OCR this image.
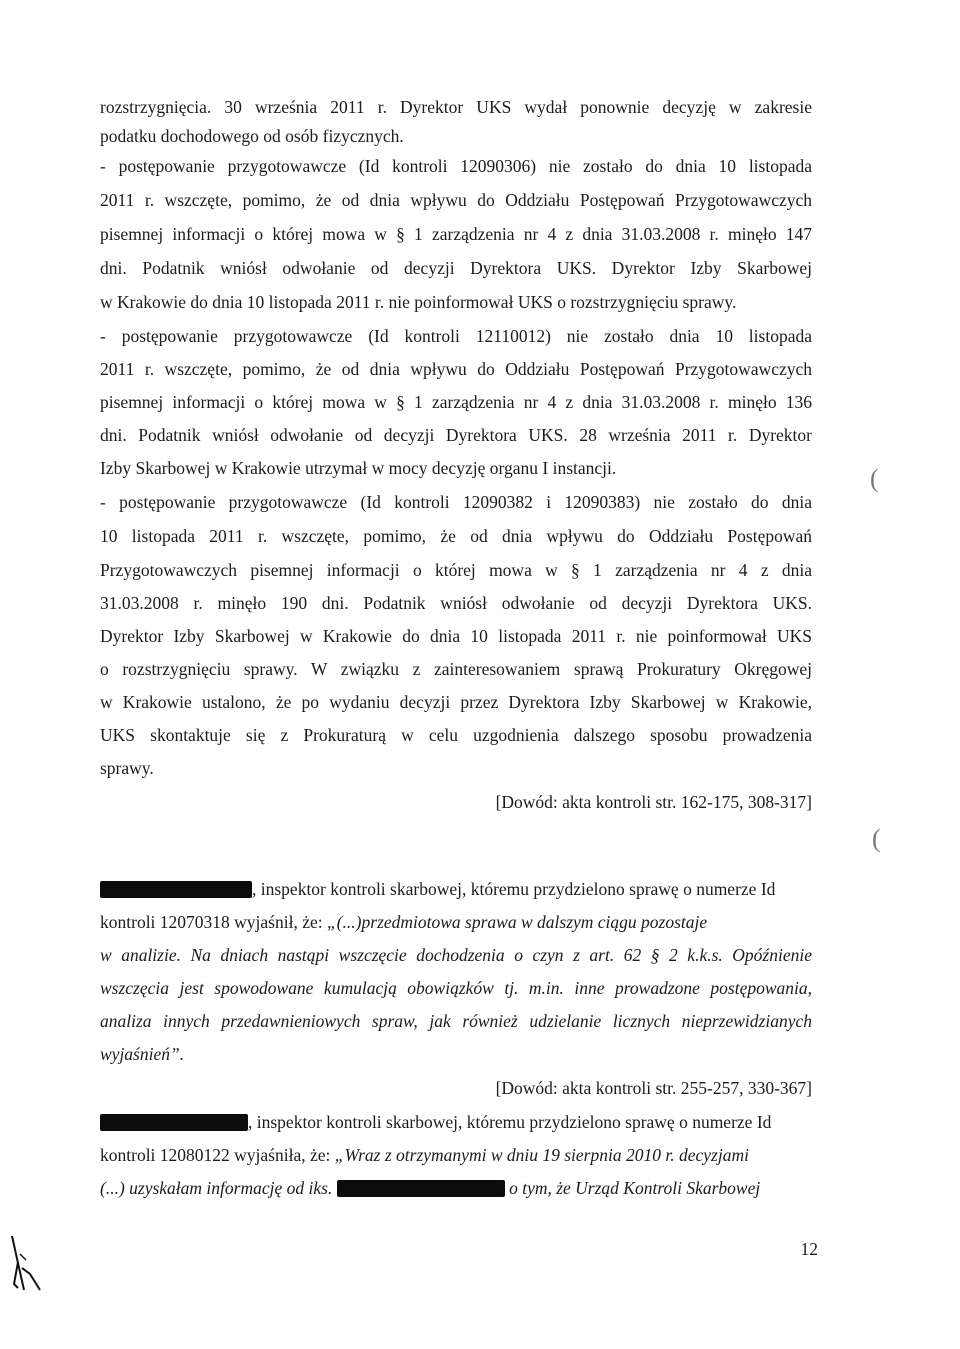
rozstrzygnięcia. 30 września 2011 r. Dyrektor UKS wydał ponownie decyzję w zakresie
podatku dochodowego od osób fizycznych.
- postępowanie przygotowawcze (Id kontroli 12090306) nie zostało do dnia 10 listopada
2011 r. wszczęte, pomimo, że od dnia wpływu do Oddziału Postępowań Przygotowawczych
pisemnej informacji o której mowa w § 1 zarządzenia nr 4 z dnia 31.03.2008 r. minęło 147
dni. Podatnik wniósł odwołanie od decyzji Dyrektora UKS. Dyrektor Izby Skarbowej
w Krakowie do dnia 10 listopada 2011 r. nie poinformował UKS o rozstrzygnięciu sprawy.
- postępowanie przygotowawcze (Id kontroli 12110012) nie zostało dnia 10 listopada
2011 r. wszczęte, pomimo, że od dnia wpływu do Oddziału Postępowań Przygotowawczych
pisemnej informacji o której mowa w § 1 zarządzenia nr 4 z dnia 31.03.2008 r. minęło 136
dni. Podatnik wniósł odwołanie od decyzji Dyrektora UKS. 28 września 2011 r. Dyrektor
Izby Skarbowej w Krakowie utrzymał w mocy decyzję organu I instancji.
- postępowanie przygotowawcze (Id kontroli 12090382 i 12090383) nie zostało do dnia
10 listopada 2011 r. wszczęte, pomimo, że od dnia wpływu do Oddziału Postępowań
Przygotowawczych pisemnej informacji o której mowa w § 1 zarządzenia nr 4 z dnia
31.03.2008 r. minęło 190 dni. Podatnik wniósł odwołanie od decyzji Dyrektora UKS.
Dyrektor Izby Skarbowej w Krakowie do dnia 10 listopada 2011 r. nie poinformował UKS
o rozstrzygnięciu sprawy. W związku z zainteresowaniem sprawą Prokuratury Okręgowej
w Krakowie ustalono, że po wydaniu decyzji przez Dyrektora Izby Skarbowej w Krakowie,
UKS skontaktuje się z Prokuraturą w celu uzgodnienia dalszego sposobu prowadzenia
sprawy.
[Dowód: akta kontroli str. 162-175, 308-317]
, inspektor kontroli skarbowej, któremu przydzielono sprawę o numerze Id
kontroli 12070318 wyjaśnił, że: „(...)przedmiotowa sprawa w dalszym ciągu pozostaje
w analizie. Na dniach nastąpi wszczęcie dochodzenia o czyn z art. 62 § 2 k.k.s. Opóźnienie
wszczęcia jest spowodowane kumulacją obowiązków tj. m.in. inne prowadzone postępowania,
analiza innych przedawnieniowych spraw, jak również udzielanie licznych nieprzewidzianych
wyjaśnień”.
[Dowód: akta kontroli str. 255-257, 330-367]
, inspektor kontroli skarbowej, któremu przydzielono sprawę o numerze Id
kontroli 12080122 wyjaśniła, że: „Wraz z otrzymanymi w dniu 19 sierpnia 2010 r. decyzjami
(...) uzyskałam informację od iks.	o tym, że Urząd Kontroli Skarbowej
12
(
(
